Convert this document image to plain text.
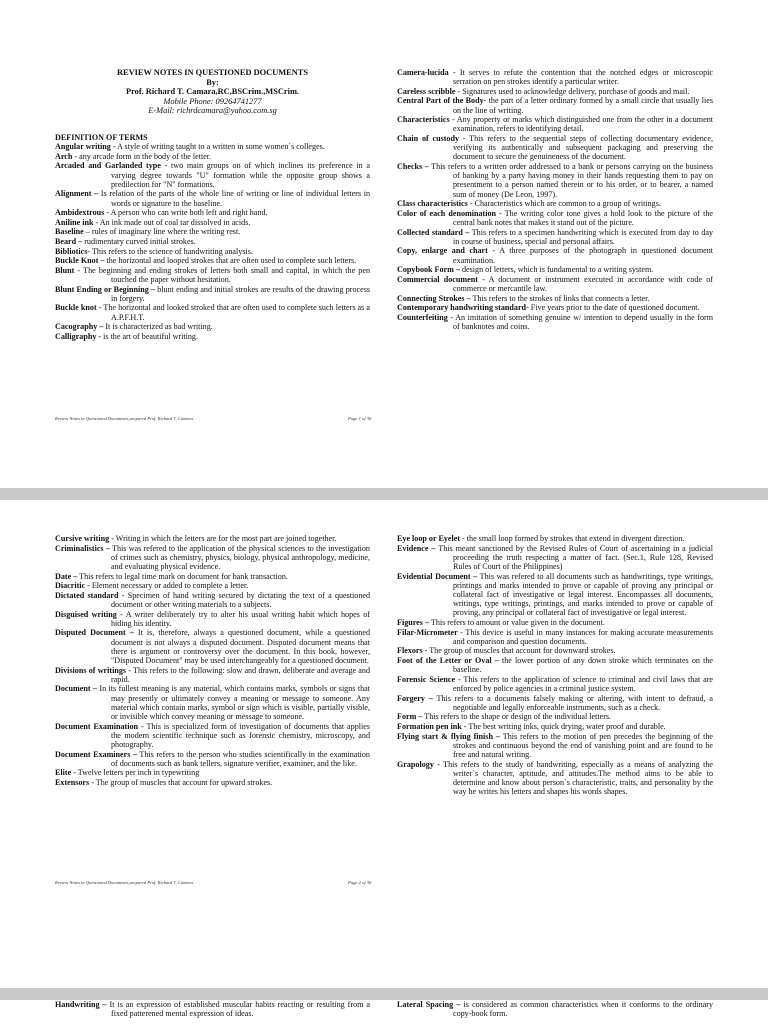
REVIEW NOTES IN QUESTIONED DOCUMENTS
By:
Prof. Richard T. Camara,RC,BSCrim.,MSCrim.
Mobile Phone: 09264741277
E-Mail: richrdcamara@yahoo.com.sg
DEFINITION OF TERMS
Angular writing - A style of writing taught to a written in some women`s colleges.
Arch - any arcade form in the body of the letter.
Arcaded and Garlanded type - two main groups on of which inclines its preference in a varying degree towards "U" formation while the opposite group shows a predilection for "N" formations.
Alignment – Is relation of the parts of the whole line of writing or line of individual letters in words or signature to the baseline.
Ambidextrous - A person who can write both left and right hand.
Aniline ink - An ink made out of coal tar dissolved in acids.
Baseline – rules of imaginary line where the writing rest.
Beard – rudimentary curved initial strokes.
Bibliotics- This refers to the science of handwriting analysis.
Buckle Knot – the horizontal and looped strokes that are often used to complete such letters.
Blunt - The beginning and ending strokes of letters both small and capital, in which the pen touched the paper without hesitation.
Blunt Ending or Beginning – blunt ending and initial strokes are results of the drawing process in forgery.
Buckle knot - The horizontal and looked stroked that are often used to complete such letters as a A.P.F.H.T.
Cacography – It is characterized as bad writing.
Calligraphy - is the art of beautiful writing.
Camera-lucida - It serves to refute the contention that the notched edges or microscopic serration on pen strokes identify a particular writer.
Careless scribble - Signatures used to acknowledge delivery, purchase of goods and mail.
Central Part of the Body- the part of a letter ordinary formed by a small circle that usually lies on the line of writing.
Characteristics - Any property or marks which distinguished one from the other in a document examination, refers to identifying detail.
Chain of custody - This refers to the sequential steps of collecting documentary evidence, verifying its authentically and subsequent packaging and preserving the document to secure the genuineness of the document.
Checks – This refers to a written order addressed to a bank or persons carrying on the business of banking by a party having money in their hands requesting them to pay on presentment to a person named therein or to his order, or to bearer, a named sum of money (De Leon, 1997).
Class characteristics - Characteristics which are common to a group of writings.
Color of each denomination - The writing color tone gives a hold look to the picture of the central bank notes that makes it stand out of the picture.
Collected standard – This refers to a specimen handwriting which is executed from day to day in course of business, special and personal affairs.
Copy, enlarge and chart - A three purposes of the photograph in questioned document examination.
Copybook Form – design of letters, which is fundamental to a writing system.
Commercial document - A document or instrument executed in accordance with code of commerce or mercantile law.
Connecting Strokes – This refers to the strokes of links that connects a letter.
Contemporary handwriting standard- Five years prior to the date of questioned document.
Counterfeiting - An imitation of something genuine w/ intention to depend usually in the form of banknotes and coins.
Review Notes in Questioned Documents prepared Prof. Richard T. Camara	Page 1 of 36
Cursive writing - Writing in which the letters are for the most part are joined together.
Criminalistics – This was refered to the application of the physical sciences to the investigation of crimes such as chemistry, physics, biology, physical anthropology, medicine, and evaluating physical evidence.
Date – This refers to legal time mark on document for bank transaction.
Diacritic - Element necessary or added to complete a letter.
Dictated standard - Specimen of hand writing secured by dictating the text of a questioned document or other writing materials to a subjects.
Disguised writing - A writer deliberately try to alter his usual writing habit which hopes of hiding his identity.
Disputed Document – It is, therefore, always a questioned document, while a questioned document is not always a disputed document. Disputed document means that there is argument or controversy over the document. In this book, however, "Disputed Document" may be used interchangeably for a questioned document.
Divisions of writings - This refers to the following: slow and drawn, deliberate and average and rapid.
Document – In its fullest meaning is any material, which contains marks, symbols or signs that may presently or ultimately convey a meaning or message to someone. Any material which contain marks, symbol or sign which is visible, partially visible, or invisible which convey meaning or message to someone.
Document Examination - This is specialized form of investigation of documents that applies the modern scientific technique such as forensic chemistry, microscopy, and photography.
Document Examiners – This refers to the person who studies scientifically in the examination of documents such as bank tellers, signature verifier, examiner, and the like.
Elite - Twelve letters per inch in typewriting
Extensors - The group of muscles that account for upward strokes.
Eye loop or Eyelet - the small loop formed by strokes that extend in divergent direction.
Evidence – This meant sanctioned by the Revised Rules of Court of ascertaining in a judicial proceeding the truth respecting a matter of fact. (Sec.1, Rule 128, Revised Rules of Court of the Philippines)
Evidential Document – This was refered to all documents such as handwritings, type writings, printings and marks intended to prove or capable of proving any principal or collateral fact of investigative or legal interest. Encompasses all documents, writings, type writings, printings, and marks intended to prove or capable of proving, any principal or collateral fact of investigative or legal interest.
Figures – This refers to amount or value given in the document.
Filar-Micrometer - This device is useful in many instances for making accurate measurements and comparison and question documents.
Flexors - The group of muscles that account for downward strokes.
Foot of the Letter or Oval – the lower portion of any down stroke which terminates on the baseline.
Forensic Science - This refers to the application of science to criminal and civil laws that are enforced by police agencies in a criminal justice system.
Forgery – This refers to a documents falsely making or altering, with intent to defraud, a negotiable and legally enforceable instruments, such as a check.
Form – This refers to the shape or design of the individual letters.
Formation pen ink - The best writing inks, quick drying, water proof and durable.
Flying start & flying finish – This refers to the motion of pen precedes the beginning of the strokes and continuous beyond the end of vanishing point and are found to be free and natural writing.
Grapology - This refers to the study of handwriting, especially as a means of analyzing the writer`s character, aptitude, and attitudes.The method aims to be able to determine and know about person`s characteristic, traits, and personality by the way he writes his letters and shapes his words shapes.
Review Notes in Questioned Documents prepared Prof. Richard T. Camara	Page 2 of 36
Handwriting – It is an expression of established muscular habits reacting or resulting from a fixed patterened mental expression of ideas.
Lateral Spacing – is considered as common characteristics when it conforms to the ordinary copy-book form.
